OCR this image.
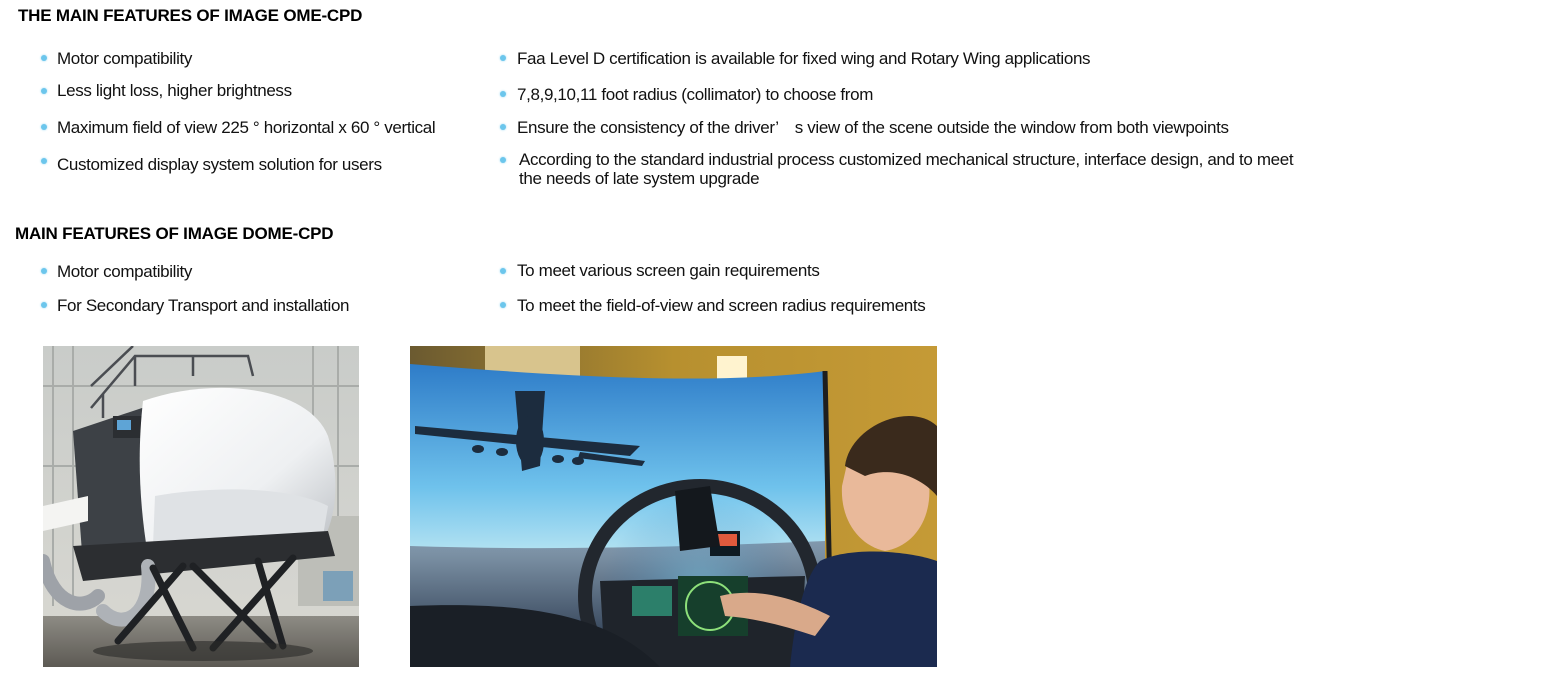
THE MAIN FEATURES OF IMAGE OME-CPD
Motor compatibility
Less light loss, higher brightness
Maximum field of view 225 ° horizontal x 60 ° vertical
Customized display system solution for users
Faa Level D certification is available for fixed wing and Rotary Wing applications
7,8,9,10,11 foot radius (collimator) to choose from
Ensure the consistency of the driver’　s view of the scene outside the window from both viewpoints
According to the standard industrial process customized mechanical structure, interface design, and to meet the needs of late system upgrade
MAIN FEATURES OF IMAGE DOME-CPD
Motor compatibility
For Secondary Transport and installation
To meet various screen gain requirements
To meet the field-of-view and screen radius requirements
